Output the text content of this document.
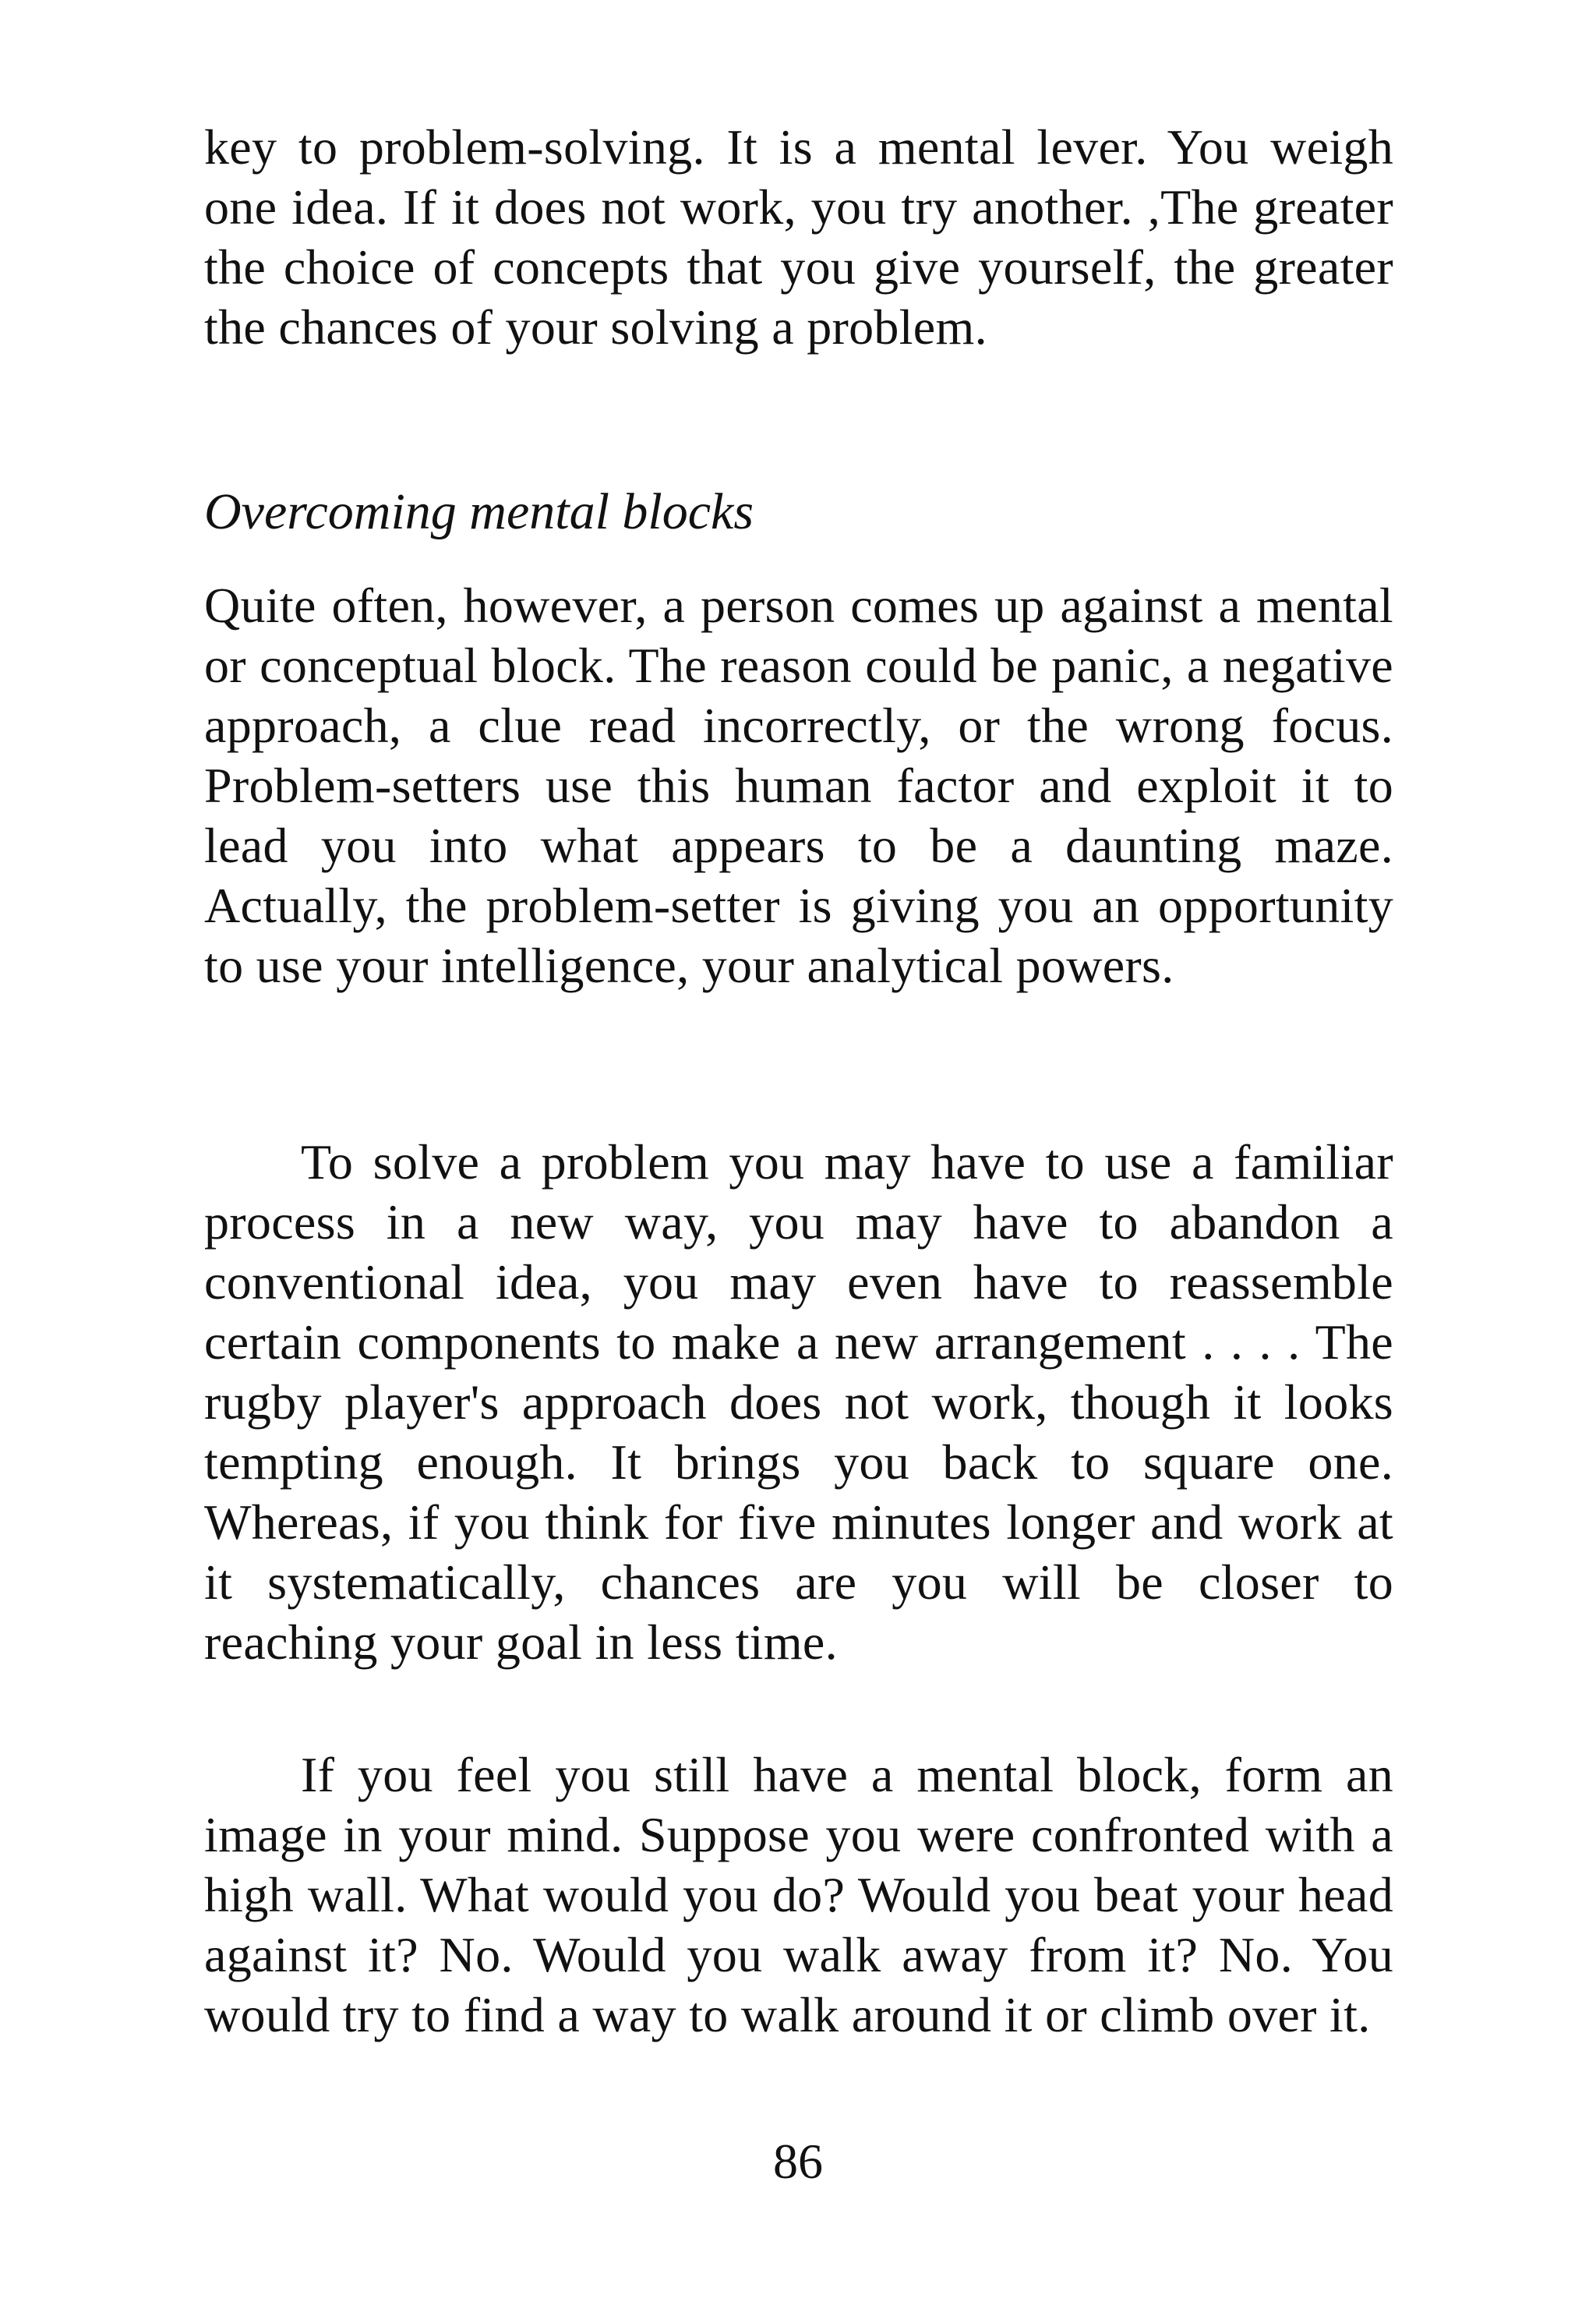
key to problem-solving. It is a mental lever. You weigh one idea. If it does not work, you try another. ,The greater the choice of concepts that you give yourself, the greater the chances of your solving a problem.

Overcoming mental blocks

Quite often, however, a person comes up against a mental or conceptual block. The reason could be panic, a negative approach, a clue read incorrectly, or the wrong focus. Problem-setters use this human factor and exploit it to lead you into what appears to be a daunting maze. Actually, the problem-setter is giving you an opportunity to use your intelligence, your analytical powers.

To solve a problem you may have to use a familiar process in a new way, you may have to abandon a conventional idea, you may even have to reassemble certain components to make a new arrangement . . . . The rugby player's approach does not work, though it looks tempting enough. It brings you back to square one. Whereas, if you think for five minutes longer and work at it systematically, chances are you will be closer to reaching your goal in less time.

If you feel you still have a mental block, form an image in your mind. Suppose you were confronted with a high wall. What would you do? Would you beat your head against it? No. Would you walk away from it? No. You would try to find a way to walk around it or climb over it.

86
